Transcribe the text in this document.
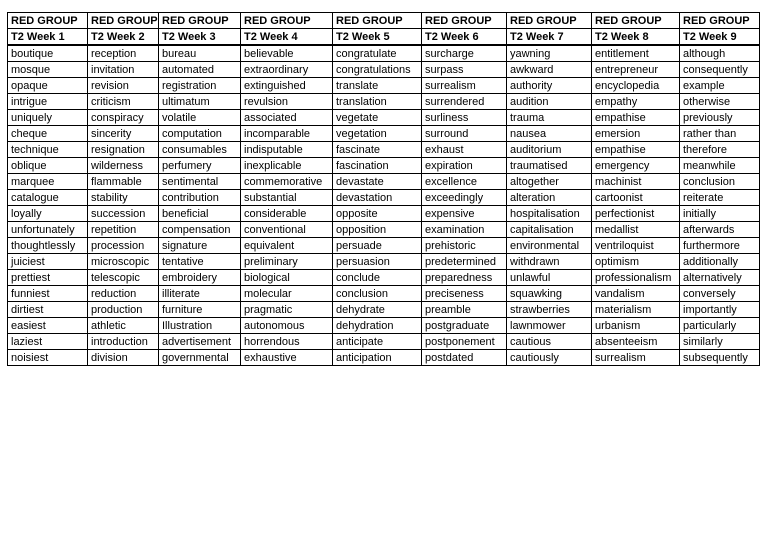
RED GROUP	RED GROUP	RED GROUP	RED GROUP	RED GROUP	RED GROUP	RED GROUP	RED GROUP	RED GROUP
T2 Week 1	T2 Week 2	T2 Week 3	T2 Week 4	T2 Week 5	T2 Week 6	T2 Week 7	T2 Week 8	T2 Week 9
boutique	reception	bureau	believable	congratulate	surcharge	yawning	entitlement	although
mosque	invitation	automated	extraordinary	congratulations	surpass	awkward	entrepreneur	consequently
opaque	revision	registration	extinguished	translate	surrealism	authority	encyclopedia	example
intrigue	criticism	ultimatum	revulsion	translation	surrendered	audition	empathy	otherwise
uniquely	conspiracy	volatile	associated	vegetate	surliness	trauma	empathise	previously
cheque	sincerity	computation	incomparable	vegetation	surround	nausea	emersion	rather than
technique	resignation	consumables	indisputable	fascinate	exhaust	auditorium	empathise	therefore
oblique	wilderness	perfumery	inexplicable	fascination	expiration	traumatised	emergency	meanwhile
marquee	flammable	sentimental	commemorative	devastate	excellence	altogether	machinist	conclusion
catalogue	stability	contribution	substantial	devastation	exceedingly	alteration	cartoonist	reiterate
loyally	succession	beneficial	considerable	opposite	expensive	hospitalisation	perfectionist	initially
unfortunately	repetition	compensation	conventional	opposition	examination	capitalisation	medallist	afterwards
thoughtlessly	procession	signature	equivalent	persuade	prehistoric	environmental	ventriloquist	furthermore
juiciest	microscopic	tentative	preliminary	persuasion	predetermined	withdrawn	optimism	additionally
prettiest	telescopic	embroidery	biological	conclude	preparedness	unlawful	professionalism	alternatively
funniest	reduction	illiterate	molecular	conclusion	preciseness	squawking	vandalism	conversely
dirtiest	production	furniture	pragmatic	dehydrate	preamble	strawberries	materialism	importantly
easiest	athletic	Illustration	autonomous	dehydration	postgraduate	lawnmower	urbanism	particularly
laziest	introduction	advertisement	horrendous	anticipate	postponement	cautious	absenteeism	similarly
noisiest	division	governmental	exhaustive	anticipation	postdated	cautiously	surrealism	subsequently
